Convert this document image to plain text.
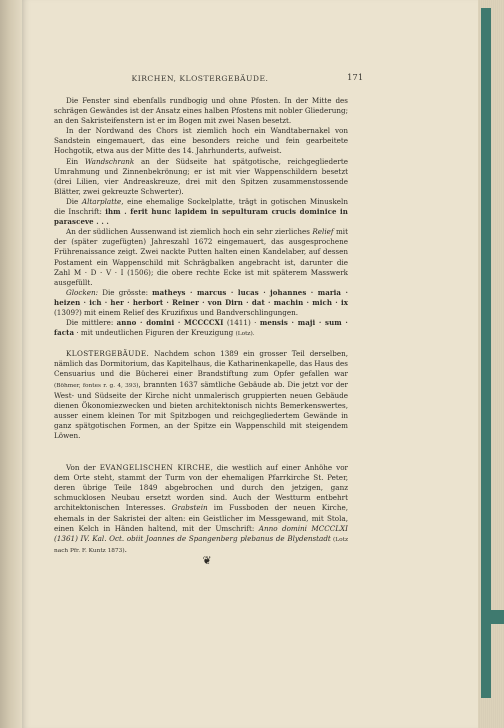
KIRCHEN, KLOSTERGEBÄUDE.	171

Die Fenster sind ebenfalls rundbogig und ohne Pfosten. In der Mitte des schrägen Gewändes ist der Ansatz eines halben Pfostens mit nobler Gliederung; an den Sakristeifenstern ist er im Bogen mit zwei Nasen besetzt.

In der Nordwand des Chors ist ziemlich hoch ein Wandtabernakel von Sandstein eingemauert, das eine besonders reiche und fein gearbeitete Hochgotik, etwa aus der Mitte des 14. Jahrhunderts, aufweist.

Ein Wandschrank an der Südseite hat spätgotische, reichgegliederte Umrahmung und Zinnenbekrönung; er ist mit vier Wappenschildern besetzt (drei Lilien, vier Andreaskreuze, drei mit den Spitzen zusammenstossende Blätter, zwei gekreuzte Schwerter).

Die Altarplatte, eine ehemalige Sockelplatte, trägt in gotischen Minuskeln die Inschrift: ihm . ferit hunc lapidem in sepulturam crucis dominice in parasceve . . .

An der südlichen Aussenwand ist ziemlich hoch ein sehr zierliches Relief mit der (später zugefügten) Jahreszahl 1672 eingemauert, das ausgesprochene Frührenaissance zeigt. Zwei nackte Putten halten einen Kandelaber, auf dessen Postament ein Wappenschild mit Schrägbalken angebracht ist, darunter die Zahl M · D · V · I (1506); die obere rechte Ecke ist mit späterem Masswerk ausgefüllt.

Glocken: Die grösste: matheys · marcus · lucas · johannes · maria · heizen · ich · her · herbort · Reiner · von Dirn · dat · machin · mich · ix (1309?) mit einem Relief des Kruzifixus und Bandverschlingungen.

Die mittlere: anno · domini · MCCCCXI (1411) · mensis · maji · sum · facta · mit undeutlichen Figuren der Kreuzigung (Lotz).

KLOSTERGEBÄUDE. Nachdem schon 1389 ein grosser Teil derselben, nämlich das Dormitorium, das Kapitelhaus, die Katharinenkapelle, das Haus des Censuarius und die Bücherei einer Brandstiftung zum Opfer gefallen war (Böhmer, fontes r. g. 4, 393), brannten 1637 sämtliche Gebäude ab. Die jetzt vor der West- und Südseite der Kirche nicht unmalerisch gruppierten neuen Gebäude dienen Ökonomiezwecken und bieten architektonisch nichts Bemerkenswertes, ausser einem kleinen Tor mit Spitzbogen und reichgegliedertem Gewände in ganz spätgotischen Formen, an der Spitze ein Wappenschild mit steigendem Löwen.

Von der EVANGELISCHEN KIRCHE, die westlich auf einer Anhöhe vor dem Orte steht, stammt der Turm von der ehemaligen Pfarrkirche St. Peter, deren übrige Teile 1849 abgebrochen und durch den jetzigen, ganz schmucklosen Neubau ersetzt worden sind. Auch der Westturm entbehrt architektonischen Interesses. Grabstein im Fussboden der neuen Kirche, ehemals in der Sakristei der alten: ein Geistlicher im Messgewand, mit Stola, einen Kelch in Händen haltend, mit der Umschrift: Anno domini MCCCLXI (1361) IV. Kal. Oct. obiit Joannes de Spangenberg plebanus de Blydenstadt (Lotz nach Pfr. F. Kuntz 1873).

❦
